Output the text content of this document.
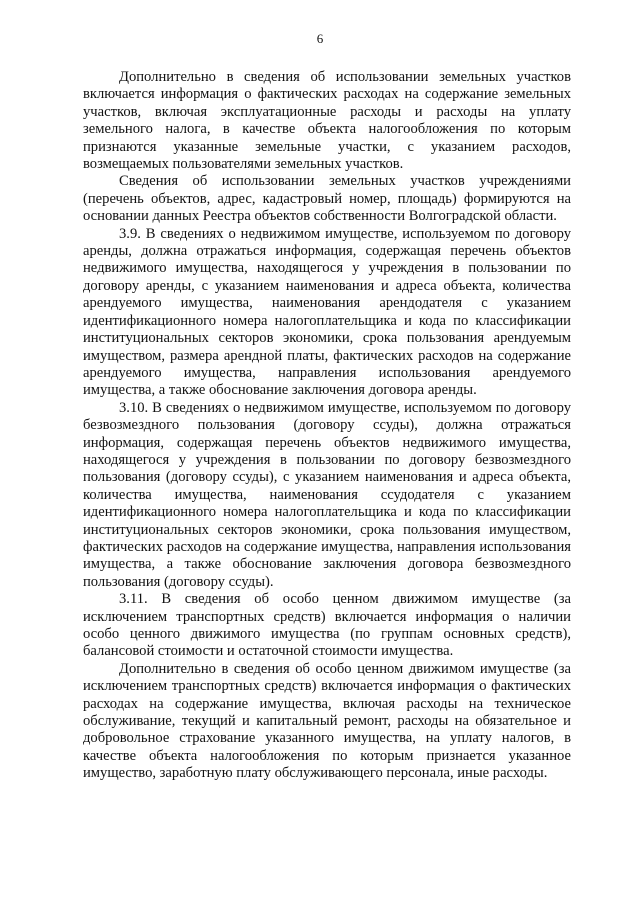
6

Дополнительно в сведения об использовании земельных участков включается информация о фактических расходах на содержание земельных участков, включая эксплуатационные расходы и расходы на уплату земельного налога, в качестве объекта налогообложения по которым признаются указанные земельные участки, с указанием расходов, возмещаемых пользователями земельных участков.

Сведения об использовании земельных участков учреждениями (перечень объектов, адрес, кадастровый номер, площадь) формируются на основании данных Реестра объектов собственности Волгоградской области.

3.9. В сведениях о недвижимом имуществе, используемом по договору аренды, должна отражаться информация, содержащая перечень объектов недвижимого имущества, находящегося у учреждения в пользовании по договору аренды, с указанием наименования и адреса объекта, количества арендуемого имущества, наименования арендодателя с указанием идентификационного номера налогоплательщика и кода по классификации институциональных секторов экономики, срока пользования арендуемым имуществом, размера арендной платы, фактических расходов на содержание арендуемого имущества, направления использования арендуемого имущества, а также обоснование заключения договора аренды.

3.10. В сведениях о недвижимом имуществе, используемом по договору безвозмездного пользования (договору ссуды), должна отражаться информация, содержащая перечень объектов недвижимого имущества, находящегося у учреждения в пользовании по договору безвозмездного пользования (договору ссуды), с указанием наименования и адреса объекта, количества имущества, наименования ссудодателя с указанием идентификационного номера налогоплательщика и кода по классификации институциональных секторов экономики, срока пользования имуществом, фактических расходов на содержание имущества, направления использования имущества, а также обоснование заключения договора безвозмездного пользования (договору ссуды).

3.11. В сведения об особо ценном движимом имуществе (за исключением транспортных средств) включается информация о наличии особо ценного движимого имущества (по группам основных средств), балансовой стоимости и остаточной стоимости имущества.

Дополнительно в сведения об особо ценном движимом имуществе (за исключением транспортных средств) включается информация о фактических расходах на содержание имущества, включая расходы на техническое обслуживание, текущий и капитальный ремонт, расходы на обязательное и добровольное страхование указанного имущества, на уплату налогов, в качестве объекта налогообложения по которым признается указанное имущество, заработную плату обслуживающего персонала, иные расходы.
